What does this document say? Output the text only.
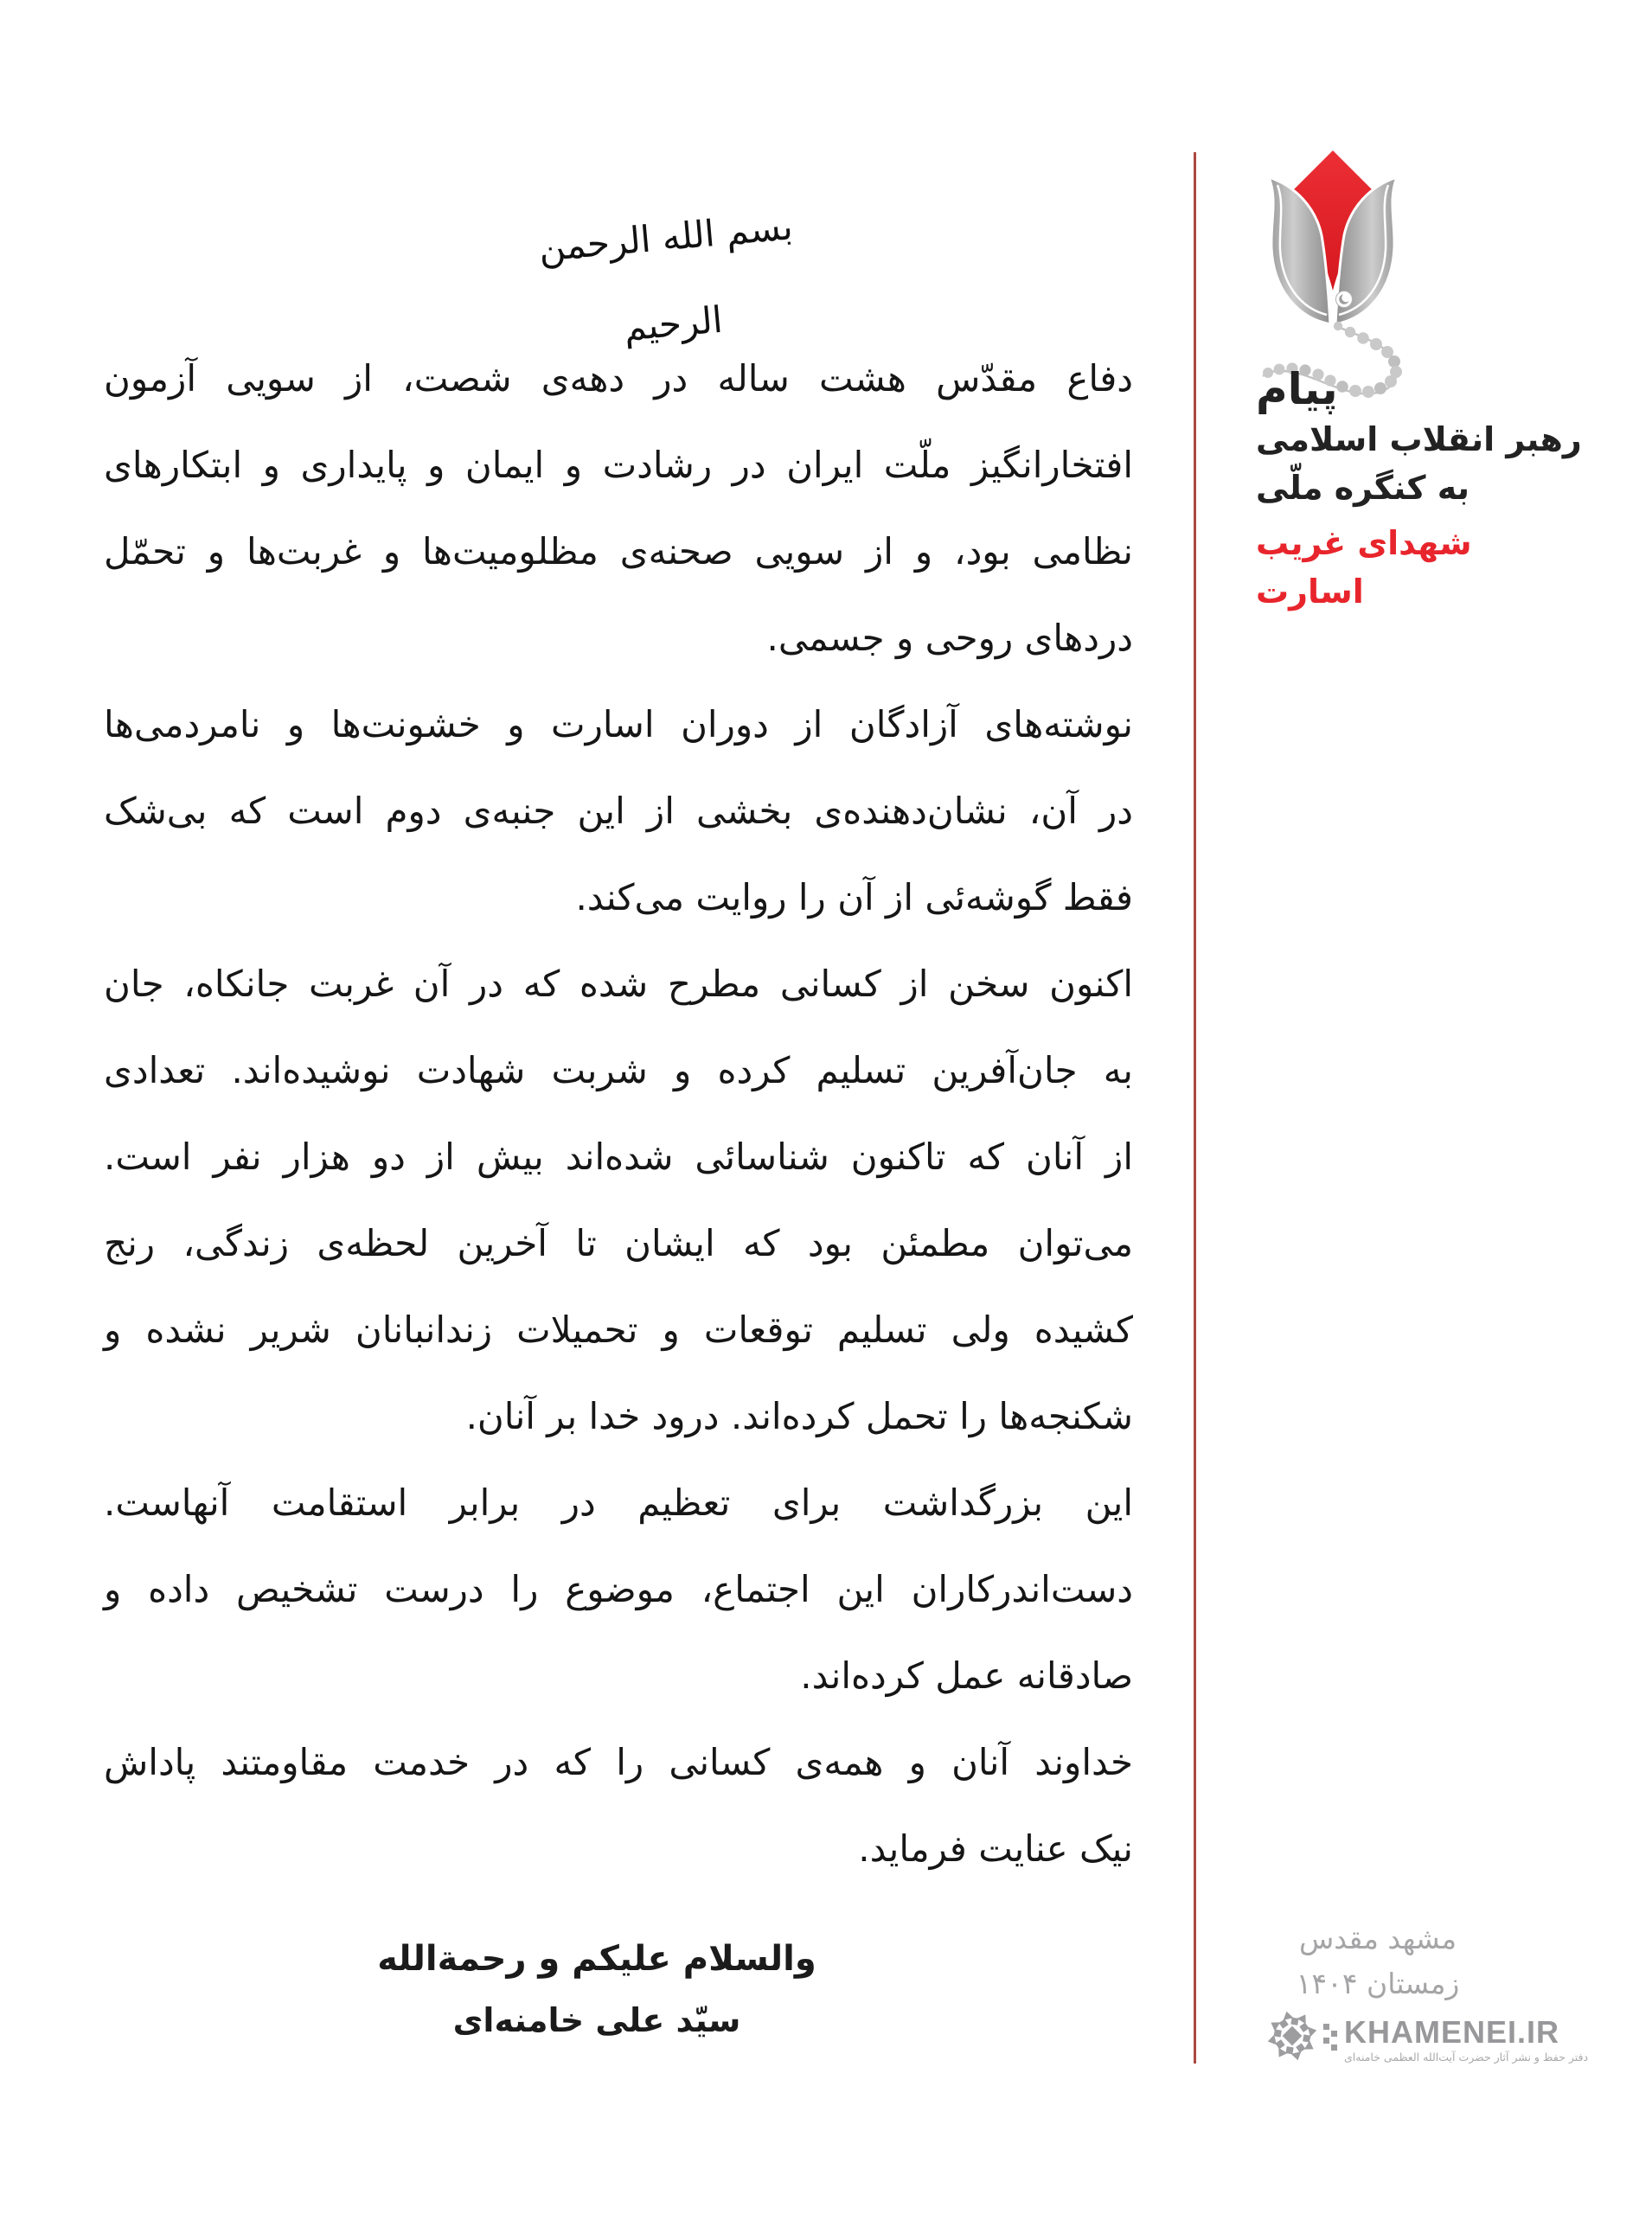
بسم الله الرحمن الرحیم
دفاع مقدّس هشت ساله در دهه‌ی شصت، از سویی آزمون
افتخارانگیز ملّت ایران در رشادت و ایمان و پایداری و ابتکارهای
نظامی بود، و از سویی صحنه‌ی مظلومیت‌ها و غربت‌ها و تحمّل
دردهای روحی و جسمی.
نوشته‌های آزادگان از دوران اسارت و خشونت‌ها و نامردمی‌ها
در آن، نشان‌دهنده‌ی بخشی از این جنبه‌ی دوم است که بی‌شک
فقط گوشه‌ئی از آن را روایت می‌کند.
اکنون سخن از کسانی مطرح شده که در آن غربت جانکاه، جان
به جان‌آفرین تسلیم کرده و شربت شهادت نوشیده‌اند. تعدادی
از آنان که تاکنون شناسائی شده‌اند بیش از دو هزار نفر است.
می‌توان مطمئن بود که ایشان تا آخرین لحظه‌ی زندگی، رنج
کشیده ولی تسلیم توقعات و تحمیلات زندانبانان شریر نشده و
شکنجه‌ها را تحمل کرده‌اند. درود خدا بر آنان.
این بزرگداشت برای تعظیم در برابر استقامت آنهاست.
دست‌اندرکاران این اجتماع، موضوع را درست تشخیص داده و
صادقانه عمل کرده‌اند.
خداوند آنان و همه‌ی کسانی را که در خدمت مقاومتند پاداش
نیک عنایت فرماید.
والسلام علیکم و رحمةالله
سیّد علی خامنه‌ای
پیام
رهبر انقلاب اسلامی
به کنگره ملّی
شهدای غریب اسارت
مشهد مقدس
زمستان ۱۴۰۴
KHAMENEI.IR
دفتر حفظ و نشر آثار حضرت آیت‌الله العظمی خامنه‌ای
